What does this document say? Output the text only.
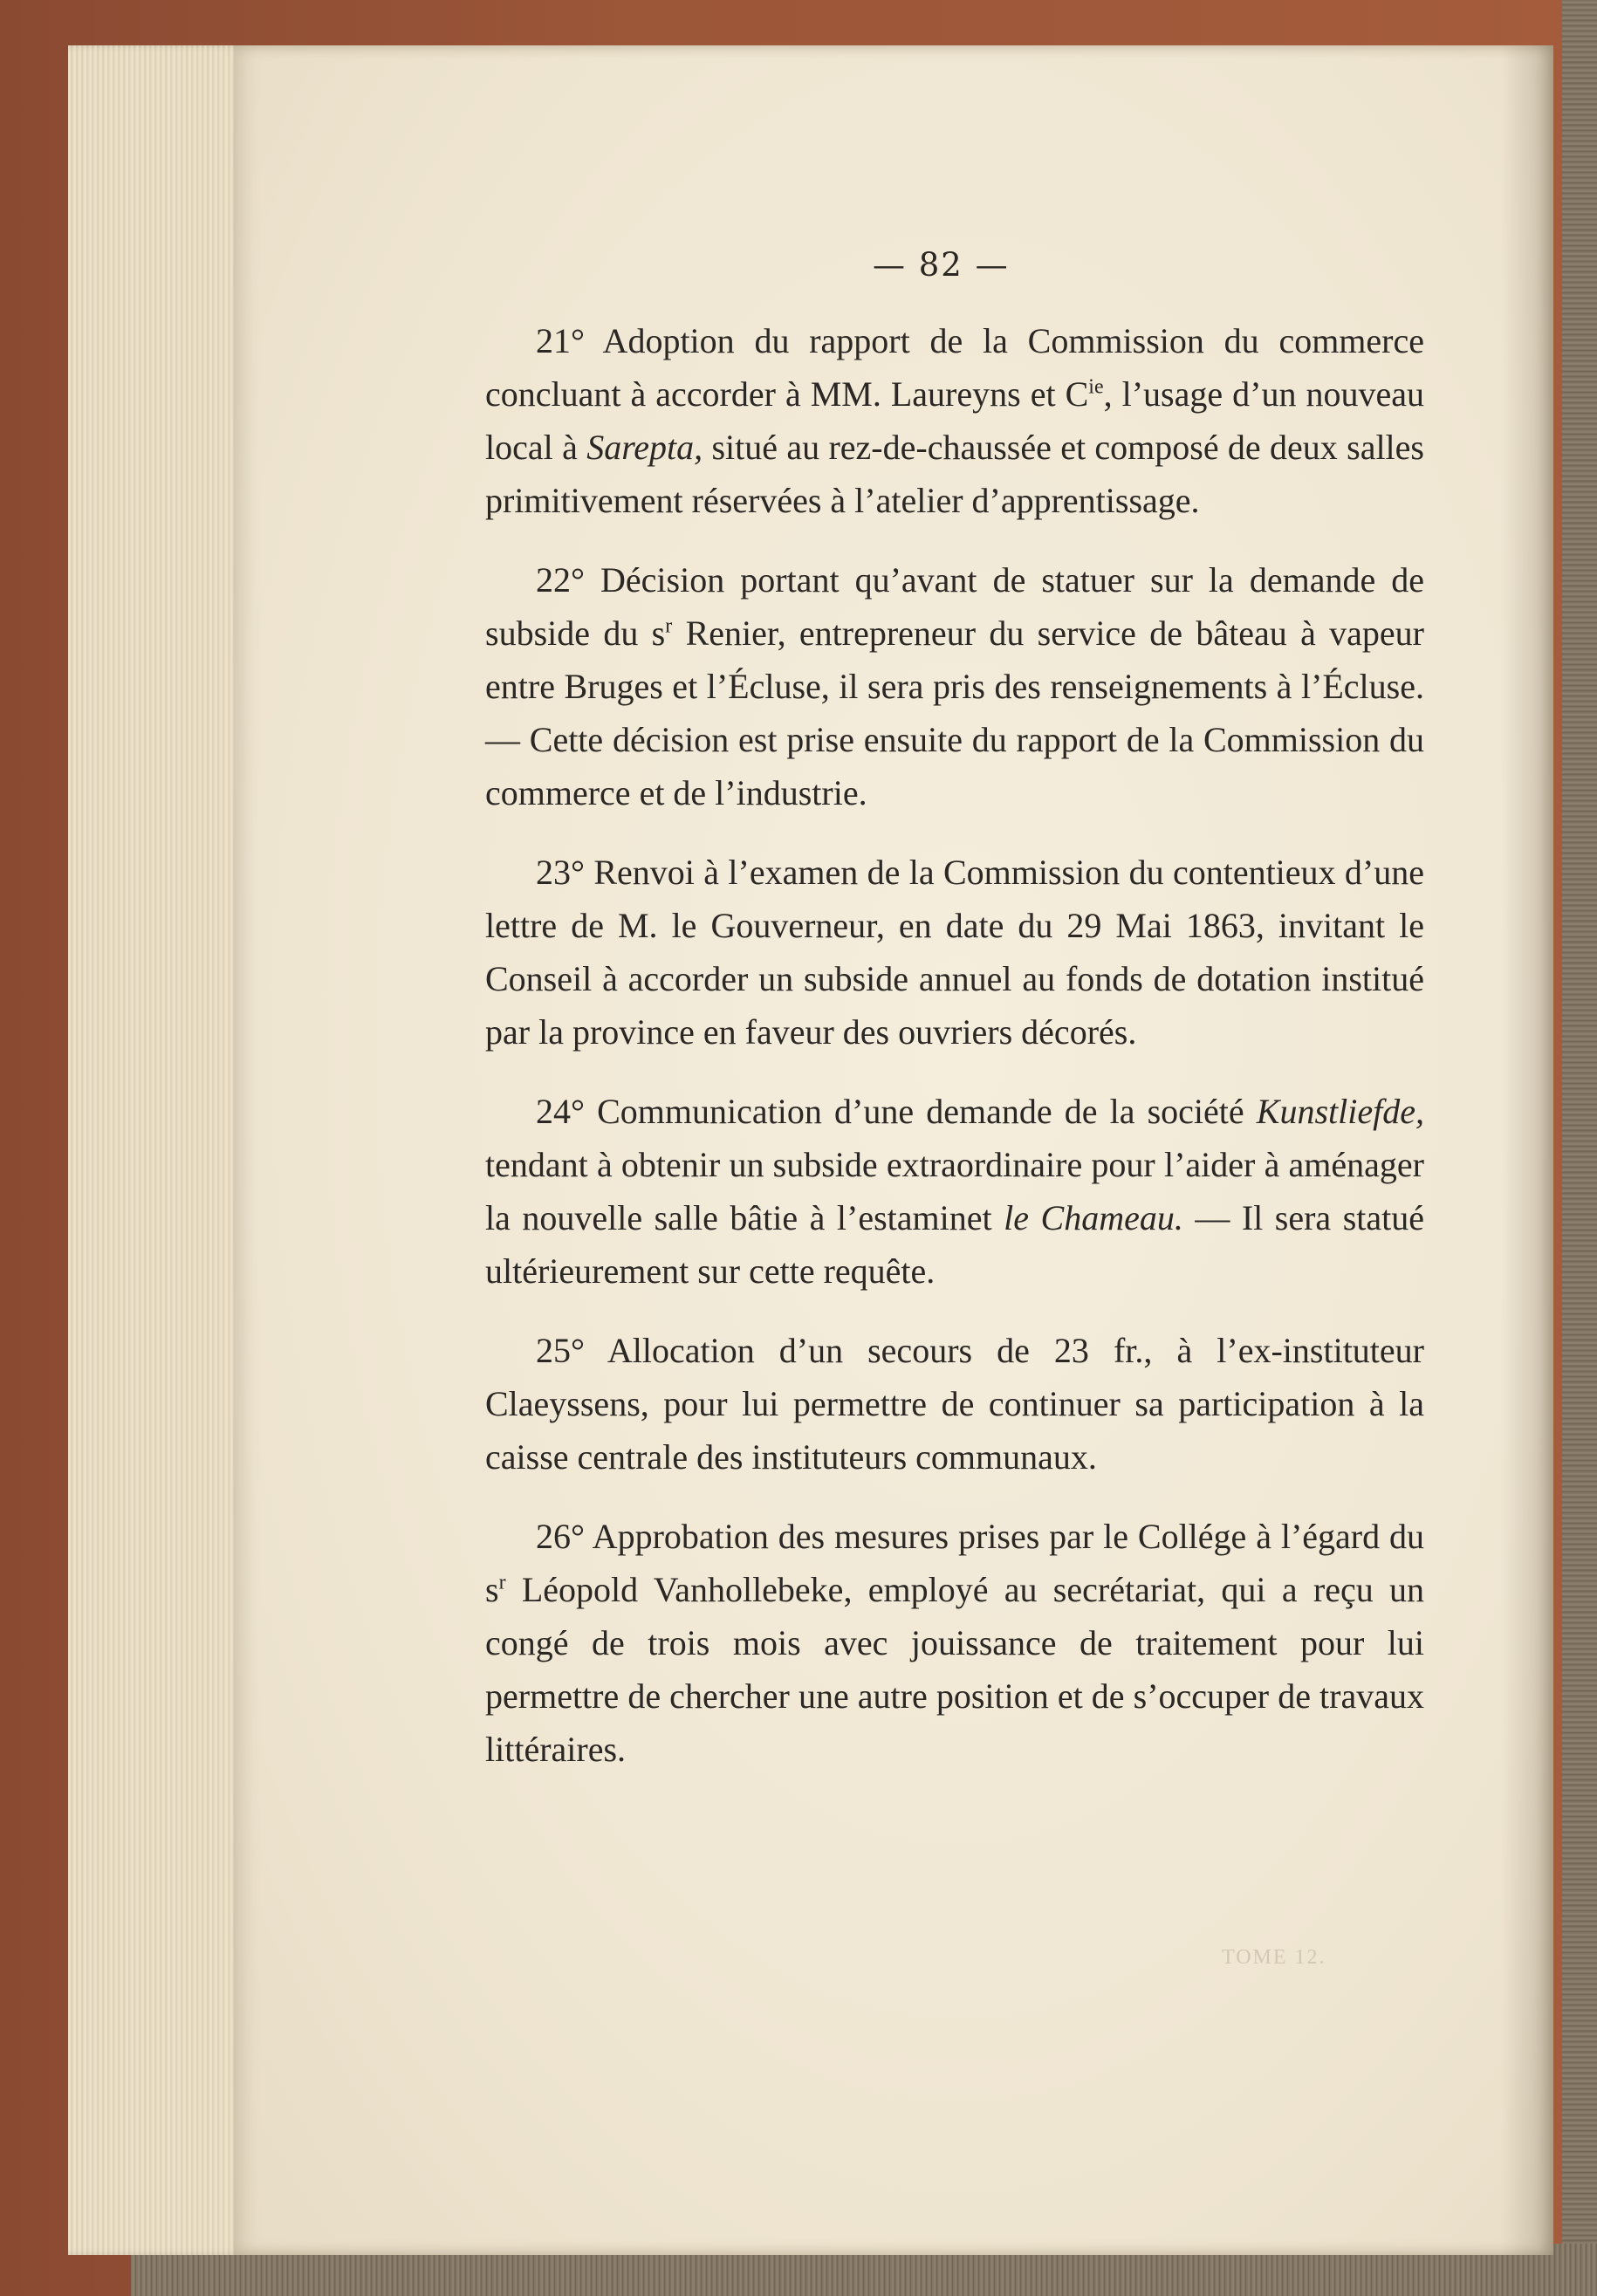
— 82 —

21° Adoption du rapport de la Commission du commerce concluant à accorder à MM. Laureyns et $C^{ie}$, l’usage d’un nouveau local à Sarepta, situé au rez-de-chaussée et composé de deux salles primitivement réservées à l’atelier d’apprentissage.

22° Décision portant qu’avant de statuer sur la demande de subside du $s^r$ Renier, entrepreneur du service de bâteau à vapeur entre Bruges et l’Écluse, il sera pris des renseignements à l’Écluse. — Cette décision est prise ensuite du rapport de la Commission du commerce et de l’industrie.

23° Renvoi à l’examen de la Commission du contentieux d’une lettre de M. le Gouverneur, en date du 29 Mai 1863, invitant le Conseil à accorder un subside annuel au fonds de dotation institué par la province en faveur des ouvriers décorés.

24° Communication d’une demande de la société Kunstliefde, tendant à obtenir un subside extraordinaire pour l’aider à aménager la nouvelle salle bâtie à l’estaminet le Chameau. — Il sera statué ultérieurement sur cette requête.

25° Allocation d’un secours de 23 fr., à l’ex-instituteur Claeyssens, pour lui permettre de continuer sa participation à la caisse centrale des instituteurs communaux.

26° Approbation des mesures prises par le Collége à l’égard du $s^r$ Léopold Vanhollebeke, employé au secrétariat, qui a reçu un congé de trois mois avec jouissance de traitement pour lui permettre de chercher une autre position et de s’occuper de travaux littéraires.

TOME 12.
